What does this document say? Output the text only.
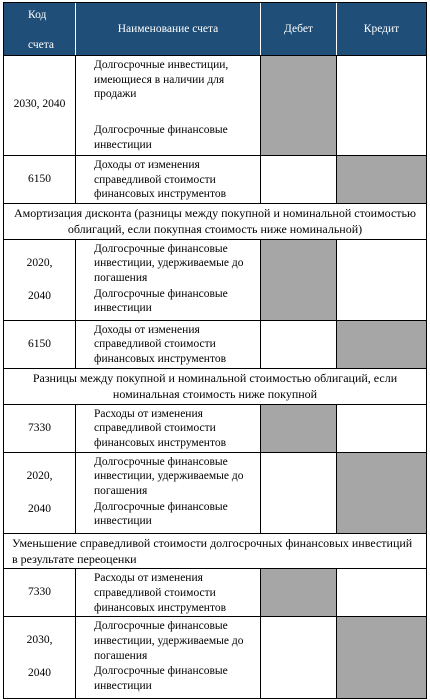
Код
счета
Наименование счета	Дебет	Кредит
2030, 2040
Долгосрочные инвестиции, имеющиеся в наличии для продажи
Долгосрочные финансовые инвестиции
6150
Доходы от изменения справедливой стоимости финансовых инструментов
Амортизация дисконта (разницы между покупной и номинальной стоимостью облигаций, если покупная стоимость ниже номинальной)
2020,
2040
Долгосрочные финансовые инвестиции, удерживаемые до погашения
Долгосрочные финансовые инвестиции
6150
Доходы от изменения справедливой стоимости финансовых инструментов
Разницы между покупной и номинальной стоимостью облигаций, если номинальная стоимость ниже покупной
7330
Расходы от изменения справедливой стоимости финансовых инструментов
2020,
2040
Долгосрочные финансовые инвестиции, удерживаемые до погашения
Долгосрочные финансовые инвестиции
Уменьшение справедливой стоимости долгосрочных финансовых инвестиций в результате переоценки
7330
Расходы от изменения справедливой стоимости финансовых инструментов
2030,
2040
Долгосрочные финансовые инвестиции, удерживаемые до погашения
Долгосрочные финансовые инвестиции
